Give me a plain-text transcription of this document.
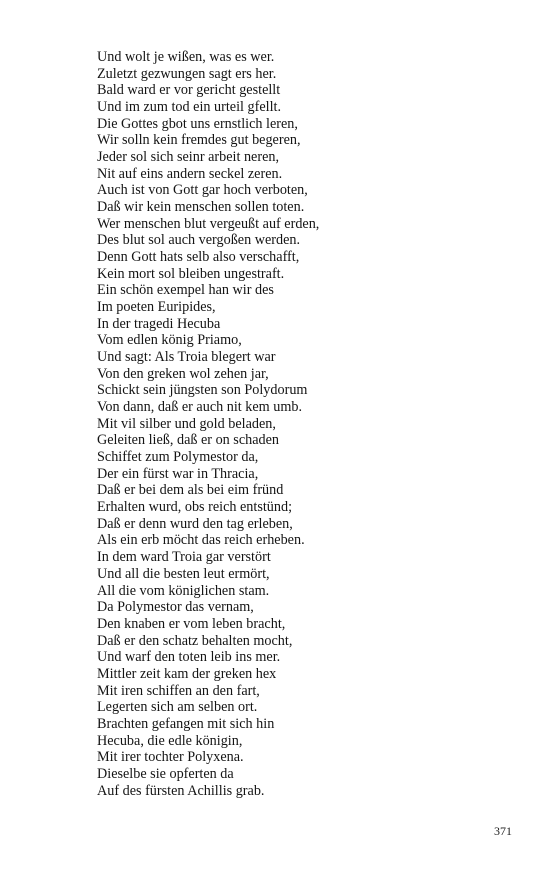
Und wolt je wißen, was es wer.
Zuletzt gezwungen sagt ers her.
Bald ward er vor gericht gestellt
Und im zum tod ein urteil gfellt.
Die Gottes gbot uns ernstlich leren,
Wir solln kein fremdes gut begeren,
Jeder sol sich seinr arbeit neren,
Nit auf eins andern seckel zeren.
Auch ist von Gott gar hoch verboten,
Daß wir kein menschen sollen toten.
Wer menschen blut vergeußt auf erden,
Des blut sol auch vergoßen werden.
Denn Gott hats selb also verschafft,
Kein mort sol bleiben ungestraft.
Ein schön exempel han wir des
Im poeten Euripides,
In der tragedi Hecuba
Vom edlen könig Priamo,
Und sagt: Als Troia blegert war
Von den greken wol zehen jar,
Schickt sein jüngsten son Polydorum
Von dann, daß er auch nit kem umb.
Mit vil silber und gold beladen,
Geleiten ließ, daß er on schaden
Schiffet zum Polymestor da,
Der ein fürst war in Thracia,
Daß er bei dem als bei eim fründ
Erhalten wurd, obs reich entstünd;
Daß er denn wurd den tag erleben,
Als ein erb möcht das reich erheben.
In dem ward Troia gar verstört
Und all die besten leut ermört,
All die vom königlichen stam.
Da Polymestor das vernam,
Den knaben er vom leben bracht,
Daß er den schatz behalten mocht,
Und warf den toten leib ins mer.
Mittler zeit kam der greken hex
Mit iren schiffen an den fart,
Legerten sich am selben ort.
Brachten gefangen mit sich hin
Hecuba, die edle königin,
Mit irer tochter Polyxena.
Dieselbe sie opferten da
Auf des fürsten Achillis grab.
371
